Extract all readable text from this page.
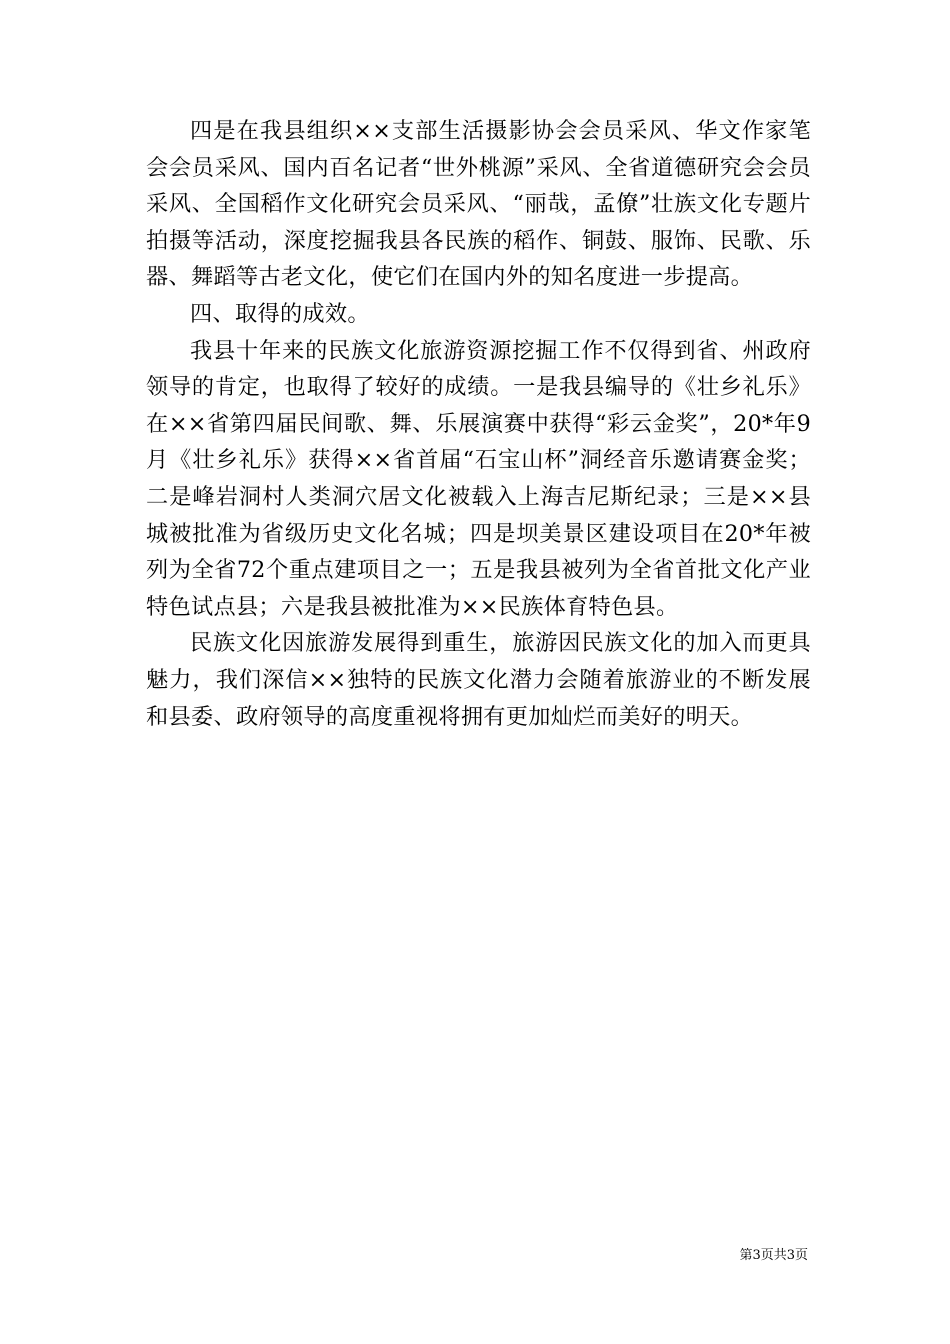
四是在我县组织××支部生活摄影协会会员采风、华文作家笔会会员采风、国内百名记者“世外桃源”采风、全省道德研究会会员采风、全国稻作文化研究会员采风、“丽哉，孟僚”壮族文化专题片拍摄等活动，深度挖掘我县各民族的稻作、铜鼓、服饰、民歌、乐器、舞蹈等古老文化，使它们在国内外的知名度进一步提高。

四、取得的成效。

我县十年来的民族文化旅游资源挖掘工作不仅得到省、州政府领导的肯定，也取得了较好的成绩。一是我县编导的《壮乡礼乐》在××省第四届民间歌、舞、乐展演赛中获得“彩云金奖”，20*年9月《壮乡礼乐》获得××省首届“石宝山杯”洞经音乐邀请赛金奖；二是峰岩洞村人类洞穴居文化被载入上海吉尼斯纪录；三是××县城被批准为省级历史文化名城；四是坝美景区建设项目在20*年被列为全省72个重点建项目之一；五是我县被列为全省首批文化产业特色试点县；六是我县被批准为××民族体育特色县。

民族文化因旅游发展得到重生，旅游因民族文化的加入而更具魅力，我们深信××独特的民族文化潜力会随着旅游业的不断发展和县委、政府领导的高度重视将拥有更加灿烂而美好的明天。

第3页共3页
